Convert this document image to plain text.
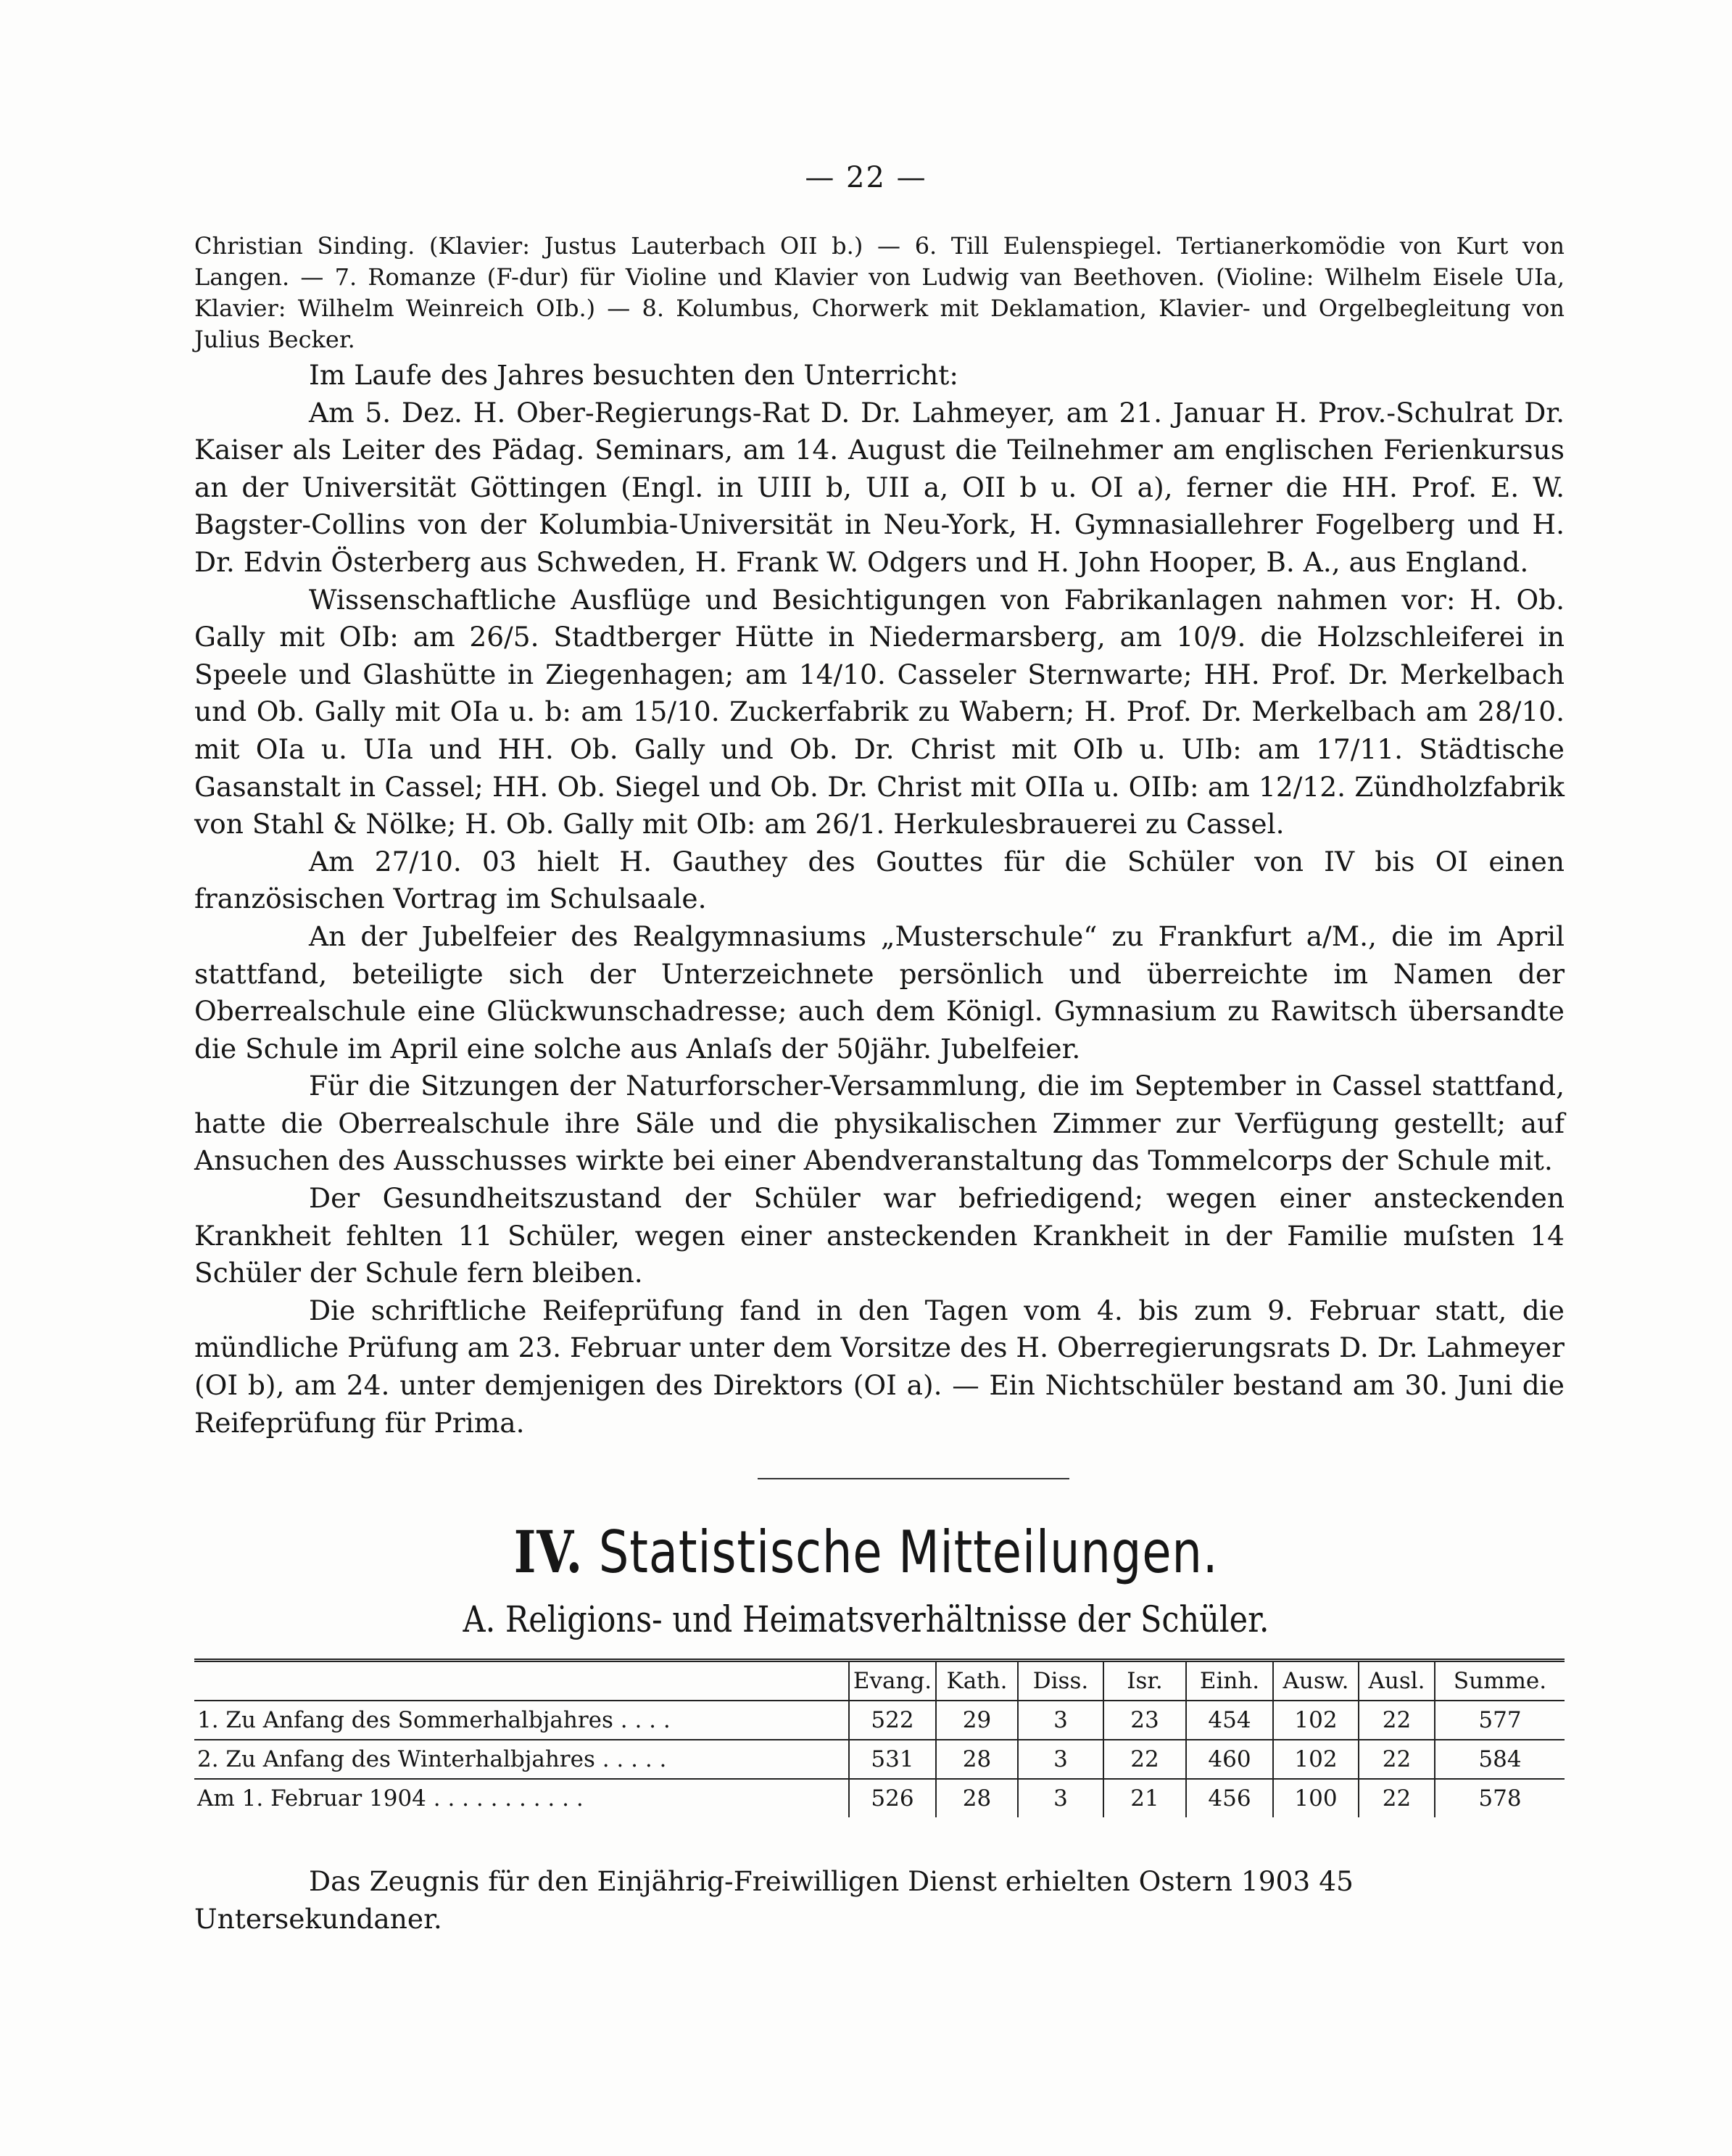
— 22 —

Christian Sinding. (Klavier: Justus Lauterbach OII b.) — 6. Till Eulenspiegel. Tertianerkomödie von Kurt von Langen. — 7. Romanze (F-dur) für Violine und Klavier von Ludwig van Beethoven. (Violine: Wilhelm Eisele UIa, Klavier: Wilhelm Weinreich OIb.) — 8. Kolumbus, Chorwerk mit Deklamation, Klavier- und Orgelbegleitung von Julius Becker.

Im Laufe des Jahres besuchten den Unterricht:

Am 5. Dez. H. Ober-Regierungs-Rat D. Dr. Lahmeyer, am 21. Januar H. Prov.-Schulrat Dr. Kaiser als Leiter des Pädag. Seminars, am 14. August die Teilnehmer am englischen Ferienkursus an der Universität Göttingen (Engl. in UIII b, UII a, OII b u. OI a), ferner die HH. Prof. E. W. Bagster-Collins von der Kolumbia-Universität in Neu-York, H. Gymnasiallehrer Fogelberg und H. Dr. Edvin Österberg aus Schweden, H. Frank W. Odgers und H. John Hooper, B. A., aus England.

Wissenschaftliche Ausflüge und Besichtigungen von Fabrikanlagen nahmen vor: H. Ob. Gally mit OIb: am 26/5. Stadtberger Hütte in Niedermarsberg, am 10/9. die Holzschleiferei in Speele und Glashütte in Ziegenhagen; am 14/10. Casseler Sternwarte; HH. Prof. Dr. Merkelbach und Ob. Gally mit OIa u. b: am 15/10. Zuckerfabrik zu Wabern; H. Prof. Dr. Merkelbach am 28/10. mit OIa u. UIa und HH. Ob. Gally und Ob. Dr. Christ mit OIb u. UIb: am 17/11. Städtische Gasanstalt in Cassel; HH. Ob. Siegel und Ob. Dr. Christ mit OIIa u. OIIb: am 12/12. Zündholzfabrik von Stahl & Nölke; H. Ob. Gally mit OIb: am 26/1. Herkulesbrauerei zu Cassel.

Am 27/10. 03 hielt H. Gauthey des Gouttes für die Schüler von IV bis OI einen französischen Vortrag im Schulsaale.

An der Jubelfeier des Realgymnasiums „Musterschule“ zu Frankfurt a/M., die im April stattfand, beteiligte sich der Unterzeichnete persönlich und überreichte im Namen der Oberrealschule eine Glückwunschadresse; auch dem Königl. Gymnasium zu Rawitsch übersandte die Schule im April eine solche aus Anlaſs der 50jähr. Jubelfeier.

Für die Sitzungen der Naturforscher-Versammlung, die im September in Cassel stattfand, hatte die Oberrealschule ihre Säle und die physikalischen Zimmer zur Verfügung gestellt; auf Ansuchen des Ausschusses wirkte bei einer Abendveranstaltung das Tommelcorps der Schule mit.

Der Gesundheitszustand der Schüler war befriedigend; wegen einer ansteckenden Krankheit fehlten 11 Schüler, wegen einer ansteckenden Krankheit in der Familie muſsten 14 Schüler der Schule fern bleiben.

Die schriftliche Reifeprüfung fand in den Tagen vom 4. bis zum 9. Februar statt, die mündliche Prüfung am 23. Februar unter dem Vorsitze des H. Oberregierungsrats D. Dr. Lahmeyer (OI b), am 24. unter demjenigen des Direktors (OI a). — Ein Nichtschüler bestand am 30. Juni die Reifeprüfung für Prima.

IV. Statistische Mitteilungen.
A. Religions- und Heimatsverhältnisse der Schüler.
	Evang.	Kath.	Diss.	Isr.	Einh.	Ausw.	Ausl.	Summe.
1. Zu Anfang des Sommerhalbjahres . . . .	522	29	3	23	454	102	22	577
2. Zu Anfang des Winterhalbjahres . . . . .	531	28	3	22	460	102	22	584
Am 1. Februar 1904 . . . . . . . . . . .	526	28	3	21	456	100	22	578
Das Zeugnis für den Einjährig-Freiwilligen Dienst erhielten Ostern 1903 45 Untersekundaner.
